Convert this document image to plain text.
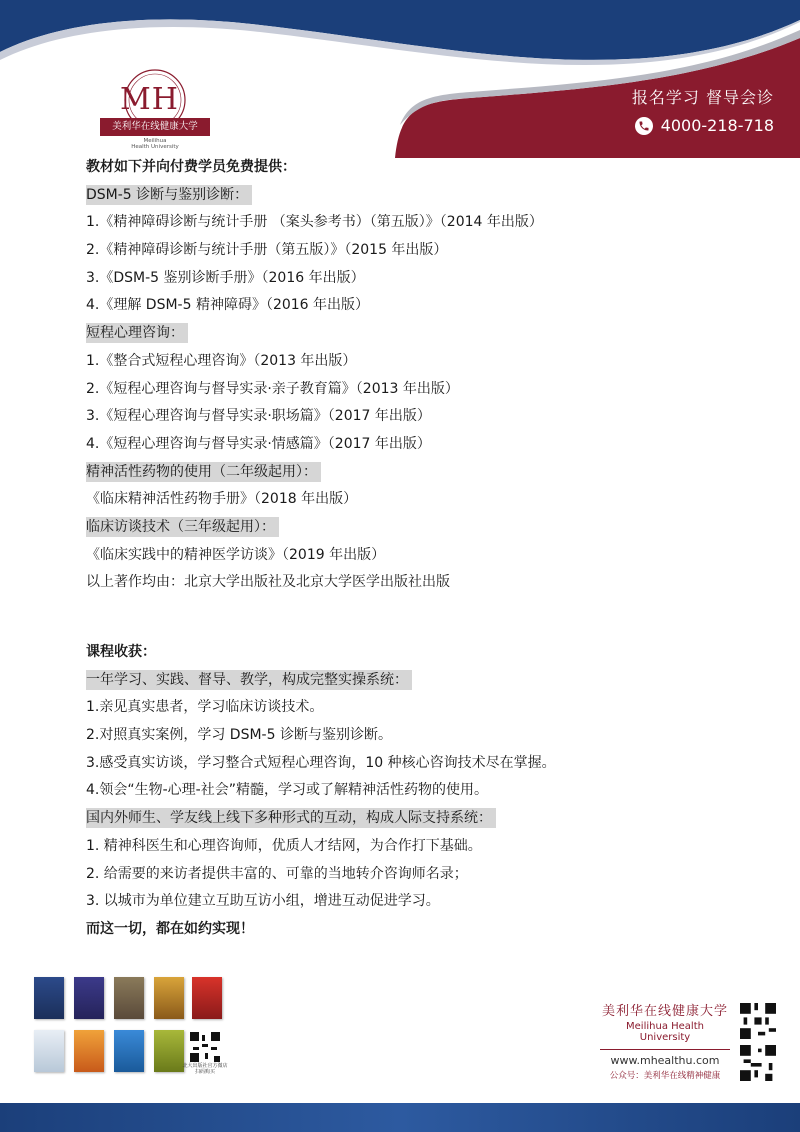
MH
美利华在线健康大学
Meilihua
Health University
报名学习 督导会诊
4000-218-718
教材如下并向付费学员免费提供：
DSM-5 诊断与鉴别诊断：
1.《精神障碍诊断与统计手册 （案头参考书）（第五版）》（2014 年出版）
2.《精神障碍诊断与统计手册（第五版）》（2015 年出版）
3.《DSM-5 鉴别诊断手册》（2016 年出版）
4.《理解 DSM-5 精神障碍》（2016 年出版）
短程心理咨询：
1.《整合式短程心理咨询》（2013 年出版）
2.《短程心理咨询与督导实录·亲子教育篇》（2013 年出版）
3.《短程心理咨询与督导实录·职场篇》（2017 年出版）
4.《短程心理咨询与督导实录·情感篇》（2017 年出版）
精神活性药物的使用（二年级起用）：
《临床精神活性药物手册》（2018 年出版）
临床访谈技术（三年级起用）：
《临床实践中的精神医学访谈》（2019 年出版）
以上著作均由：北京大学出版社及北京大学医学出版社出版
课程收获：
一年学习、实践、督导、教学，构成完整实操系统：
1.亲见真实患者，学习临床访谈技术。
2.对照真实案例，学习 DSM-5 诊断与鉴别诊断。
3.感受真实访谈，学习整合式短程心理咨询，10 种核心咨询技术尽在掌握。
4.领会“生物-心理-社会”精髓，学习或了解精神活性药物的使用。
国内外师生、学友线上线下多种形式的互动，构成人际支持系统：
1. 精神科医生和心理咨询师，优质人才结网，为合作打下基础。
2. 给需要的来访者提供丰富的、可靠的当地转介咨询师名录；
3. 以城市为单位建立互助互访小组，增进互动促进学习。
而这一切，都在如约实现！
北大出版社官方微店 扫码购买
美利华在线健康大学
Meilihua Health University
www.mhealthu.com
公众号：美利华在线精神健康
